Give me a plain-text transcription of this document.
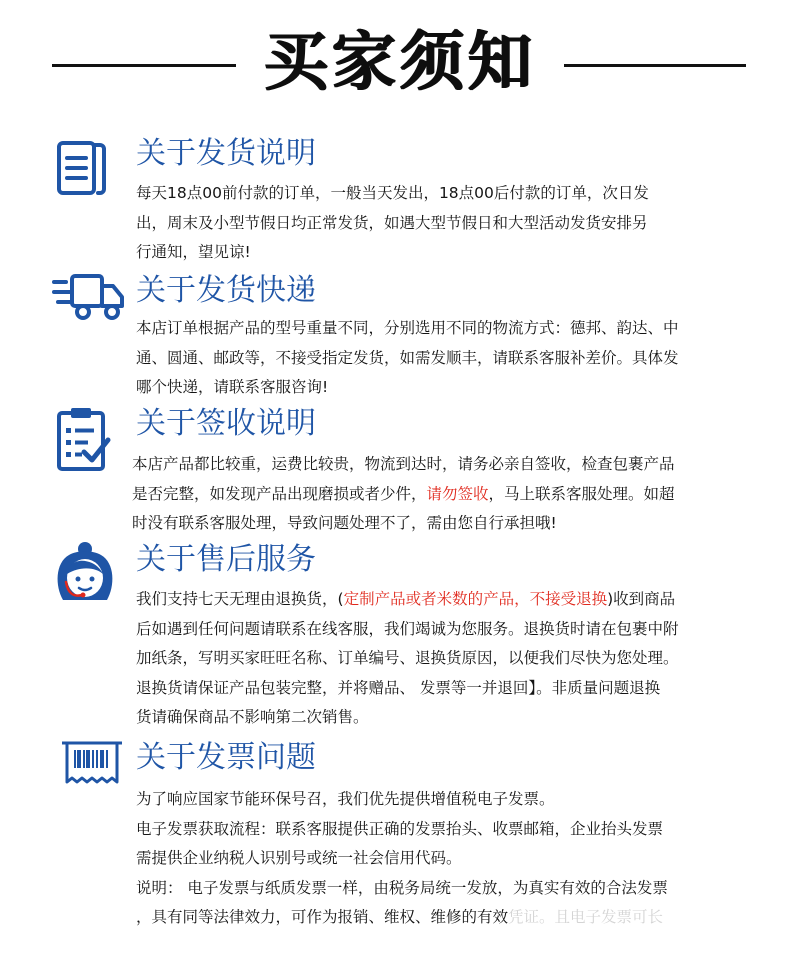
买家须知
关于发货说明
每天18点00前付款的订单，一般当天发出，18点00后付款的订单，次日发
出，周末及小型节假日均正常发货，如遇大型节假日和大型活动发货安排另
行通知，望见谅!
关于发货快递
本店订单根据产品的型号重量不同，分别选用不同的物流方式：德邦、韵达、中
通、圆通、邮政等，不接受指定发货，如需发顺丰，请联系客服补差价。具体发
哪个快递，请联系客服咨询!
关于签收说明
本店产品都比较重，运费比较贵，物流到达时，请务必亲自签收，检查包裹产品
是否完整，如发现产品出现磨损或者少件，请勿签收，马上联系客服处理。如超
时没有联系客服处理，导致问题处理不了，需由您自行承担哦!
关于售后服务
我们支持七天无理由退换货，(定制产品或者米数的产品，不接受退换)收到商品
后如遇到任何问题请联系在线客服，我们竭诚为您服务。退换货时请在包裹中附
加纸条，写明买家旺旺名称、订单编号、退换货原因，以便我们尽快为您处理。
退换货请保证产品包装完整，并将赠品、 发票等一并退回】。非质量问题退换
货请确保商品不影响第二次销售。
关于发票问题
为了响应国家节能环保号召，我们优先提供增值税电子发票。
电子发票获取流程：联系客服提供正确的发票抬头、收票邮箱，企业抬头发票
需提供企业纳税人识别号或统一社会信用代码。
说明： 电子发票与纸质发票一样，由税务局统一发放，为真实有效的合法发票
，具有同等法律效力，可作为报销、维权、维修的有效凭证。且电子发票可长
